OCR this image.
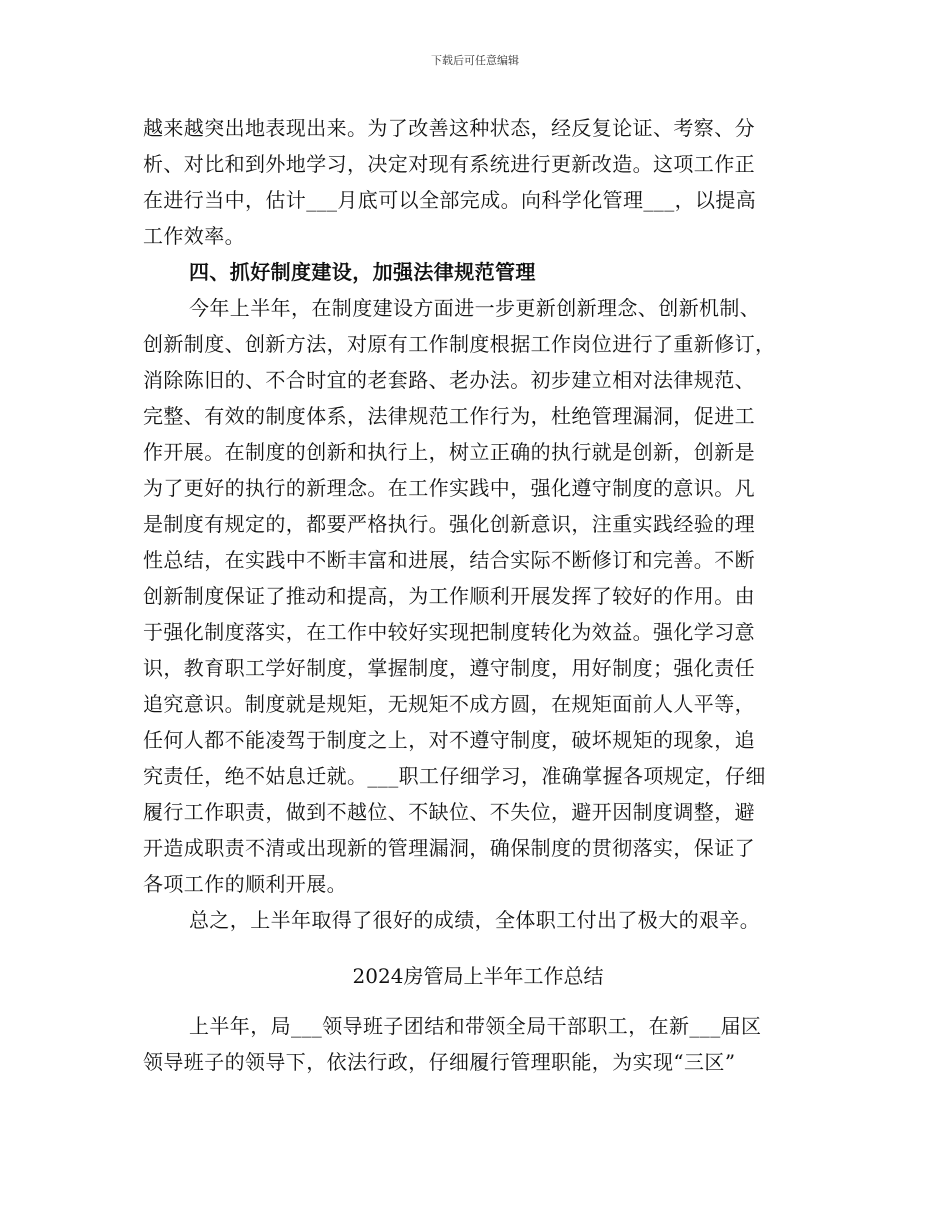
下载后可任意编辑
越来越突出地表现出来。为了改善这种状态，经反复论证、考察、分
析、对比和到外地学习，决定对现有系统进行更新改造。这项工作正
在进行当中，估计___月底可以全部完成。向科学化管理___，以提高
工作效率。
四、抓好制度建设，加强法律规范管理
今年上半年，在制度建设方面进一步更新创新理念、创新机制、
创新制度、创新方法，对原有工作制度根据工作岗位进行了重新修订，
消除陈旧的、不合时宜的老套路、老办法。初步建立相对法律规范、
完整、有效的制度体系，法律规范工作行为，杜绝管理漏洞，促进工
作开展。在制度的创新和执行上，树立正确的执行就是创新，创新是
为了更好的执行的新理念。在工作实践中，强化遵守制度的意识。凡
是制度有规定的，都要严格执行。强化创新意识，注重实践经验的理
性总结，在实践中不断丰富和进展，结合实际不断修订和完善。不断
创新制度保证了推动和提高，为工作顺利开展发挥了较好的作用。由
于强化制度落实，在工作中较好实现把制度转化为效益。强化学习意
识，教育职工学好制度，掌握制度，遵守制度，用好制度；强化责任
追究意识。制度就是规矩，无规矩不成方圆，在规矩面前人人平等，
任何人都不能凌驾于制度之上，对不遵守制度，破坏规矩的现象，追
究责任，绝不姑息迁就。___职工仔细学习，准确掌握各项规定，仔细
履行工作职责，做到不越位、不缺位、不失位，避开因制度调整，避
开造成职责不清或出现新的管理漏洞，确保制度的贯彻落实，保证了
各项工作的顺利开展。
总之，上半年取得了很好的成绩，全体职工付出了极大的艰辛。
2024房管局上半年工作总结
上半年，局___领导班子团结和带领全局干部职工，在新___届区
领导班子的领导下，依法行政，仔细履行管理职能，为实现“三区”
